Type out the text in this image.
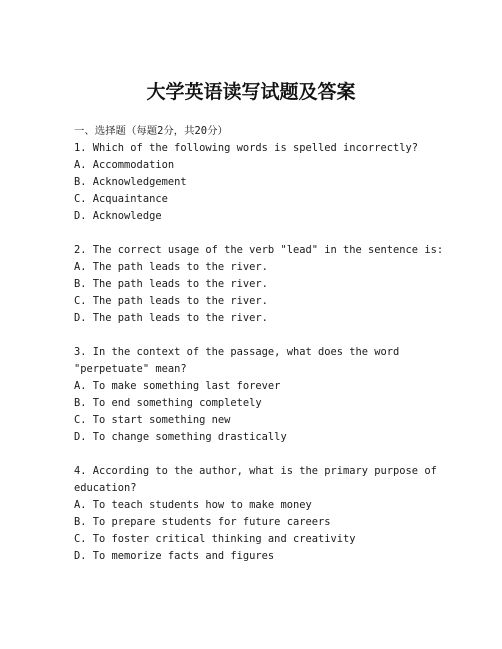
大学英语读写试题及答案
一、选择题（每题2分，共20分）
1. Which of the following words is spelled incorrectly?
A. Accommodation
B. Acknowledgement
C. Acquaintance
D. Acknowledge
2. The correct usage of the verb "lead" in the sentence is:
A. The path leads to the river.
B. The path leads to the river.
C. The path leads to the river.
D. The path leads to the river.
3. In the context of the passage, what does the word
"perpetuate" mean?
A. To make something last forever
B. To end something completely
C. To start something new
D. To change something drastically
4. According to the author, what is the primary purpose of
education?
A. To teach students how to make money
B. To prepare students for future careers
C. To foster critical thinking and creativity
D. To memorize facts and figures
